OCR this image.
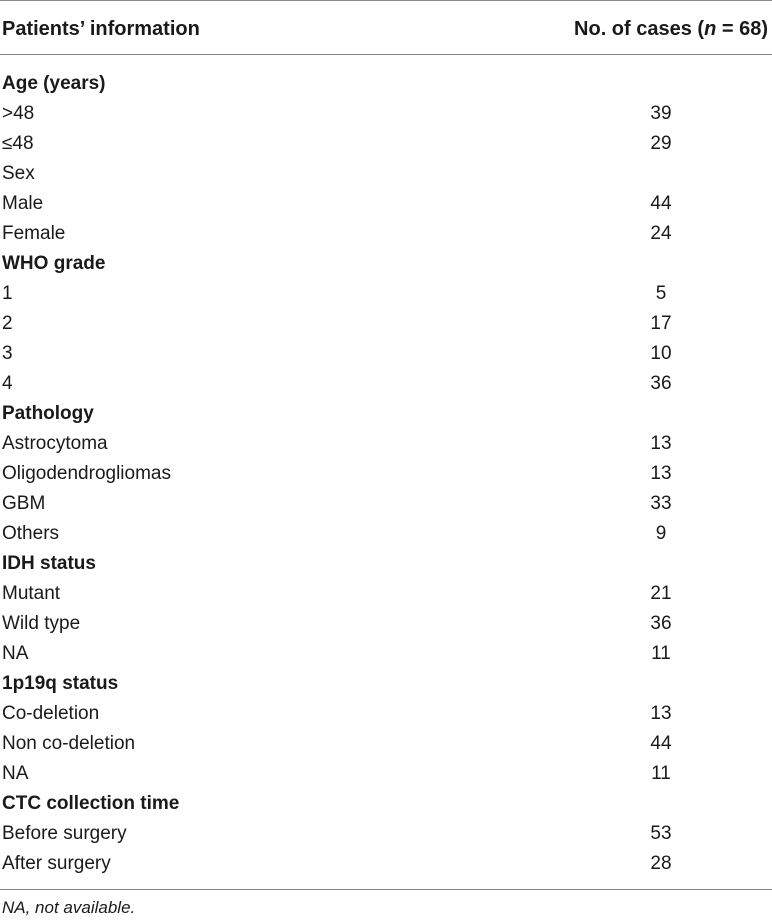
Patients’ information	No. of cases (n = 68)
Age (years)
>48	39
≤48	29
Sex
Male	44
Female	24
WHO grade
1	5
2	17
3	10
4	36
Pathology
Astrocytoma	13
Oligodendrogliomas	13
GBM	33
Others	9
IDH status
Mutant	21
Wild type	36
NA	11
1p19q status
Co-deletion	13
Non co-deletion	44
NA	11
CTC collection time
Before surgery	53
After surgery	28
NA, not available.
